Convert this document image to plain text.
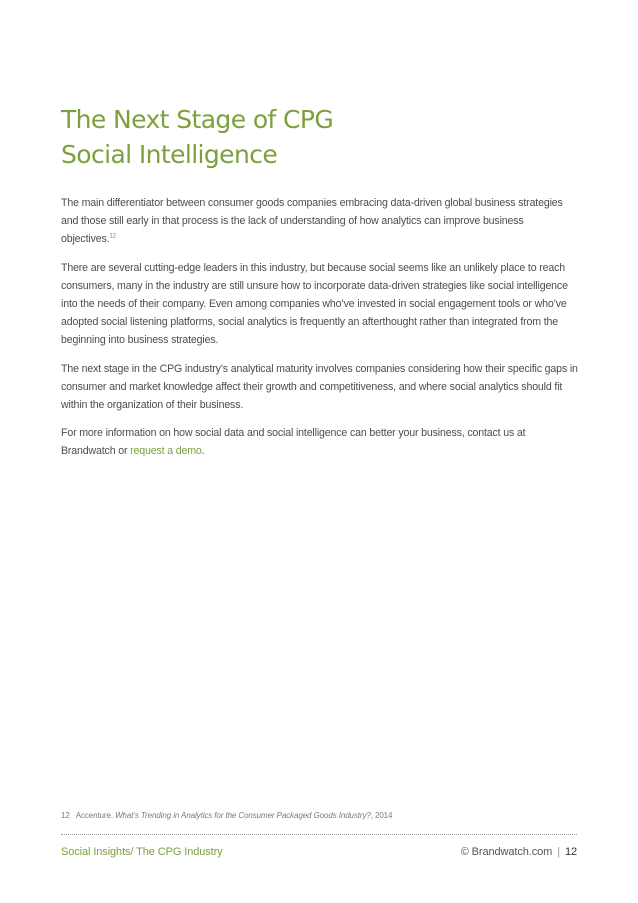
The Next Stage of CPG
Social Intelligence

The main differentiator between consumer goods companies embracing data-driven global business strategies and those still early in that process is the lack of understanding of how analytics can improve business objectives.$^{12}$

There are several cutting-edge leaders in this industry, but because social seems like an unlikely place to reach consumers, many in the industry are still unsure how to incorporate data-driven strategies like social intelligence into the needs of their company. Even among companies who’ve invested in social engagement tools or who’ve adopted social listening platforms, social analytics is frequently an afterthought rather than integrated from the beginning into business strategies.

The next stage in the CPG industry’s analytical maturity involves companies considering how their specific gaps in consumer and market knowledge affect their growth and competitiveness, and where social analytics should fit within the organization of their business.

For more information on how social data and social intelligence can better your business, contact us at Brandwatch or request a demo.

12 Accenture. What’s Trending in Analytics for the Consumer Packaged Goods Industry?, 2014
Social Insights/ The CPG Industry	© Brandwatch.com | 12
